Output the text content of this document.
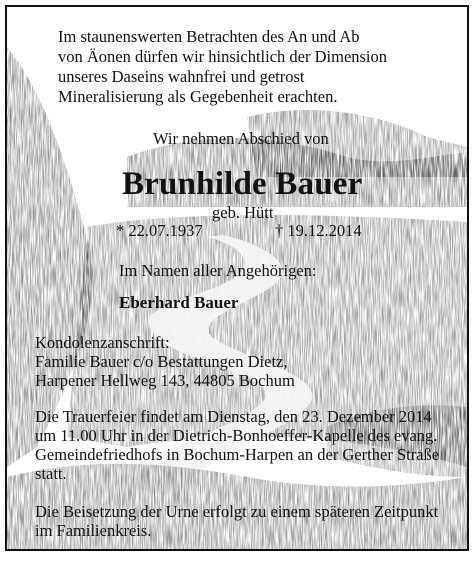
Im staunenswerten Betrachten des An und Ab
von Äonen dürfen wir hinsichtlich der Dimension
unseres Daseins wahnfrei und getrost
Mineralisierung als Gegebenheit erachten.
Wir nehmen Abschied von
Brunhilde Bauer
geb. Hütt
* 22.07.1937	† 19.12.2014
Im Namen aller Angehörigen:
Eberhard Bauer
Kondolenzanschrift:
Familie Bauer c/o Bestattungen Dietz,
Harpener Hellweg 143, 44805 Bochum
Die Trauerfeier findet am Dienstag, den 23. Dezember 2014
um 11.00 Uhr in der Dietrich-Bonhoeffer-Kapelle des evang.
Gemeindefriedhofs in Bochum-Harpen an der Gerther Straße
statt.
Die Beisetzung der Urne erfolgt zu einem späteren Zeitpunkt
im Familienkreis.
